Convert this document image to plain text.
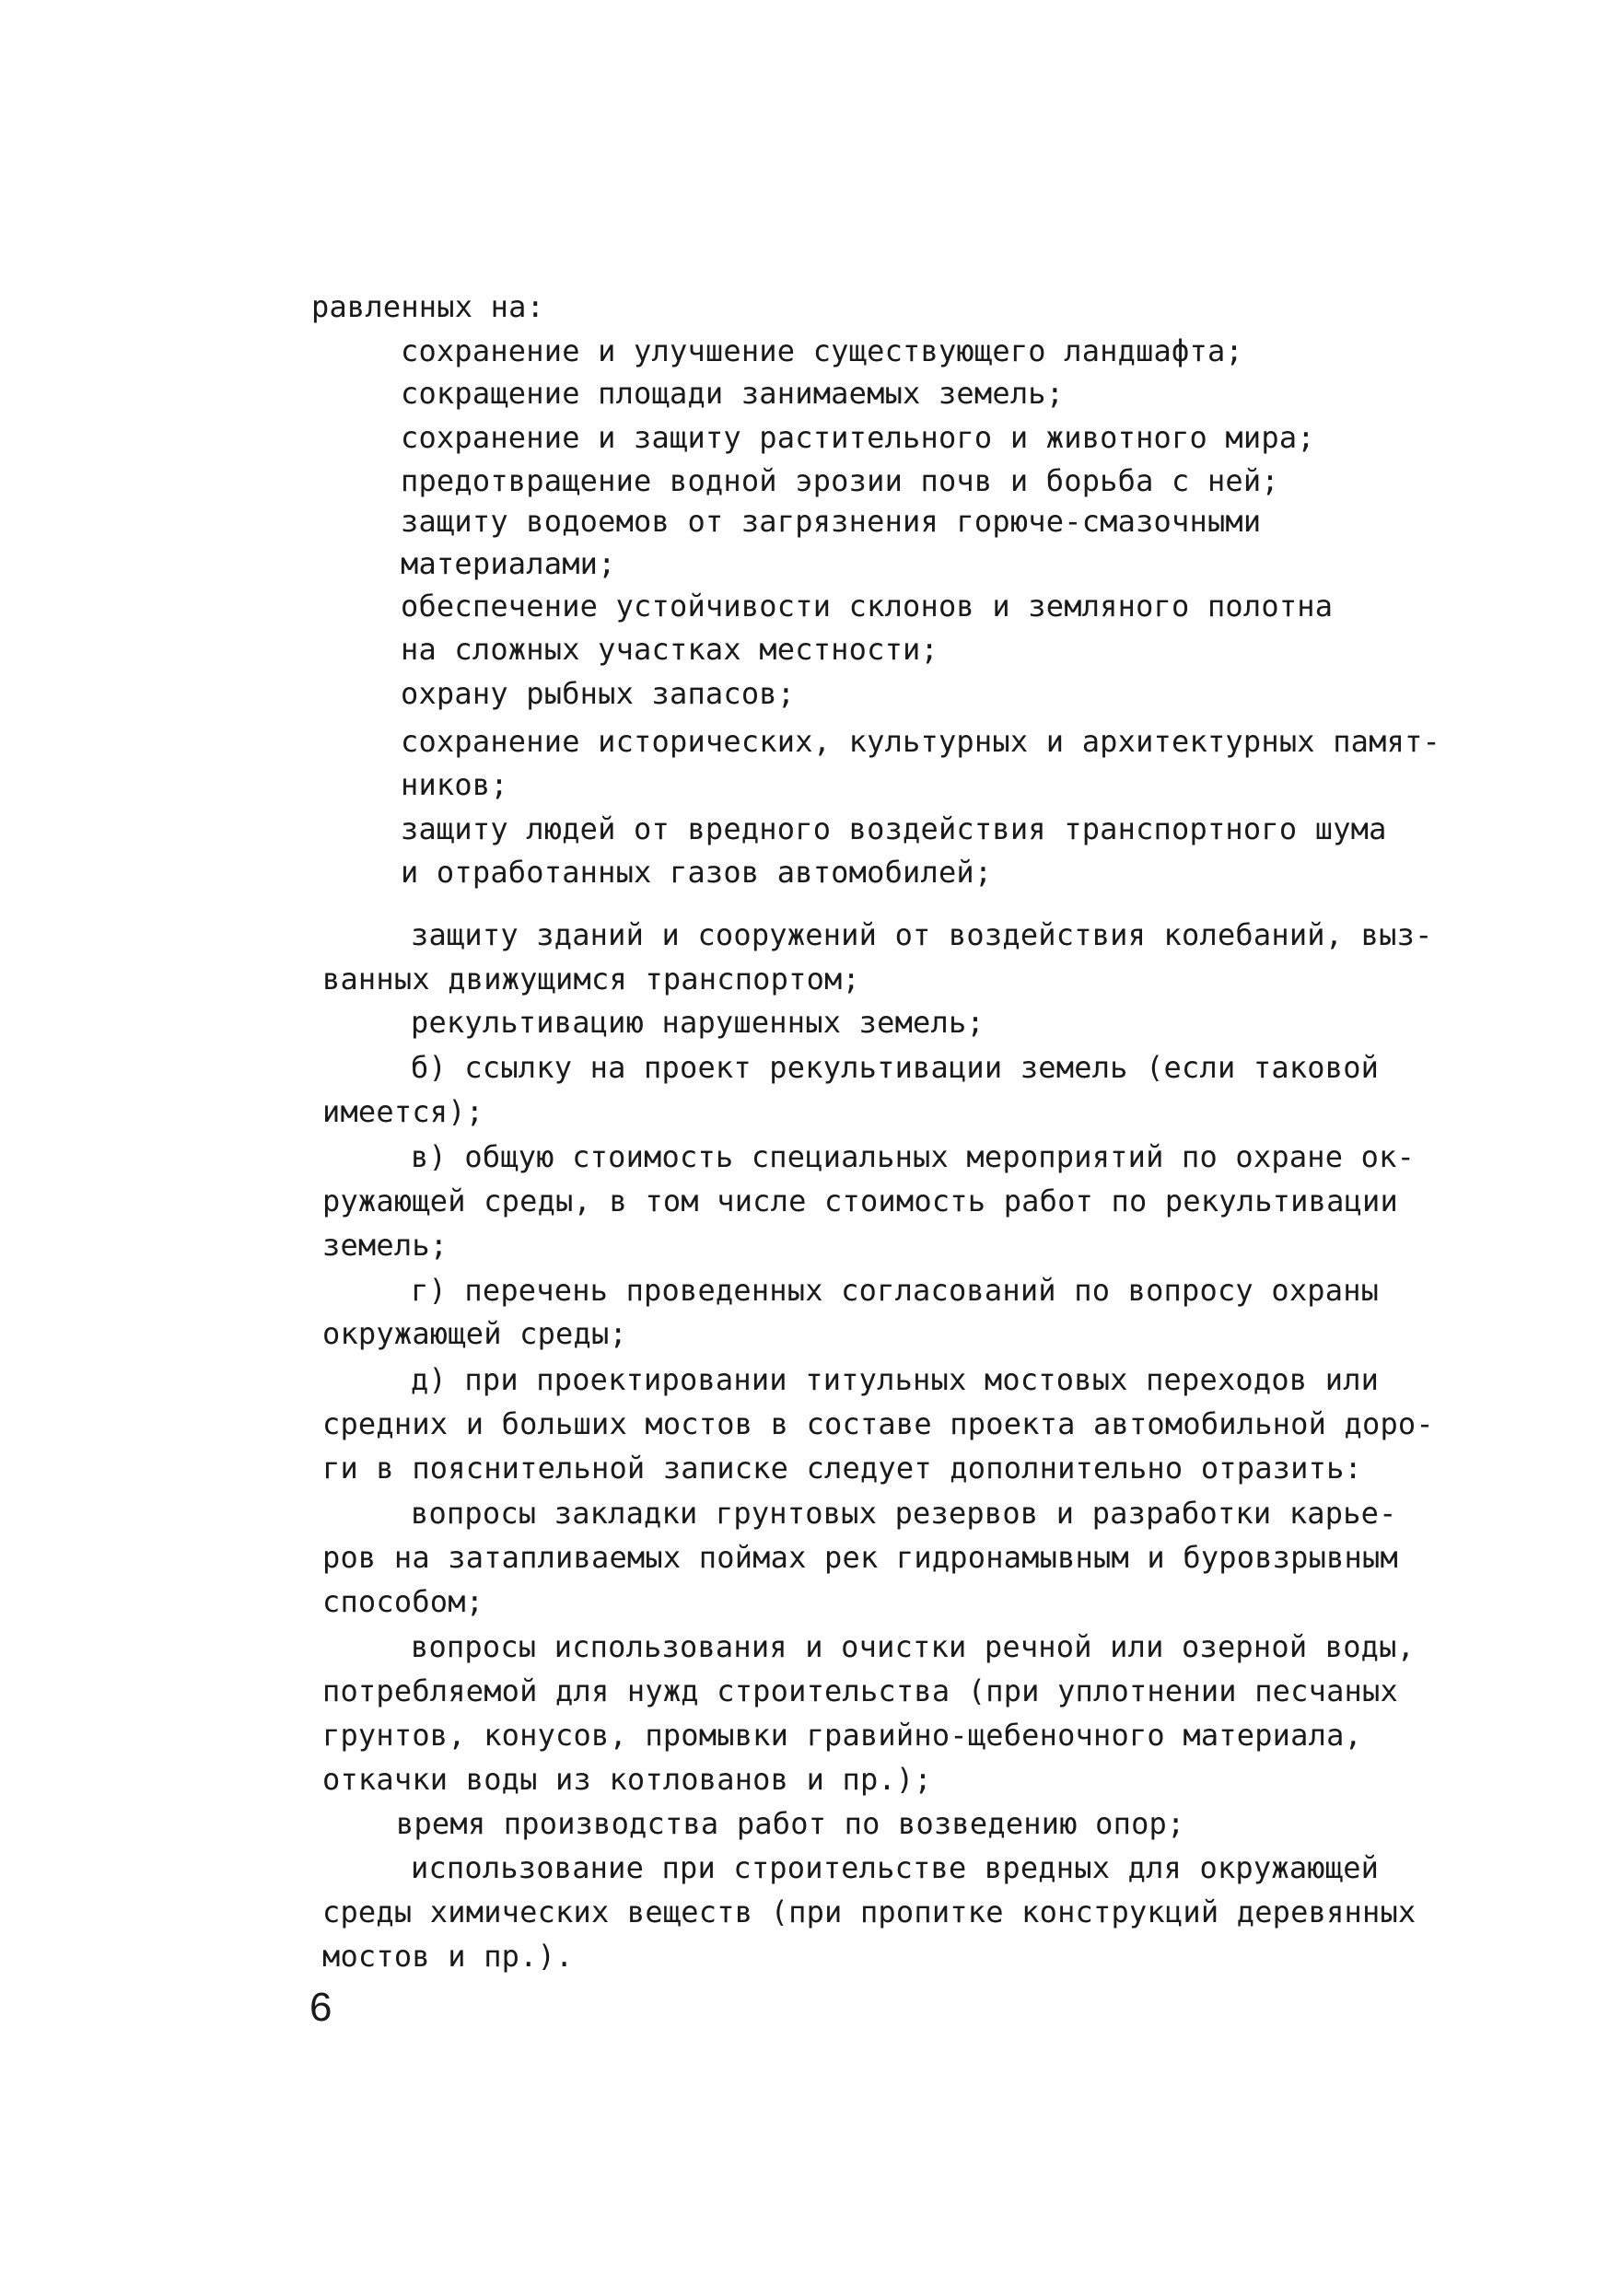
равленных на:
сохранение и улучшение существующего ландшафта;
сокращение площади занимаемых земель;
сохранение и защиту растительного и животного мира;
предотвращение водной эрозии почв и борьба с ней;
защиту водоемов от загрязнения горюче-смазочными
материалами;
обеспечение устойчивости склонов и земляного полотна
на сложных участках местности;
охрану рыбных запасов;
сохранение исторических, культурных и архитектурных памят-
ников;
защиту людей от вредного воздействия транспортного шума
и отработанных газов автомобилей;
защиту зданий и сооружений от воздействия колебаний, выз-
ванных движущимся транспортом;
рекультивацию нарушенных земель;
б) ссылку на проект рекультивации земель (если таковой
имеется);
в) общую стоимость специальных мероприятий по охране ок-
ружающей среды, в том числе стоимость работ по рекультивации
земель;
г) перечень проведенных согласований по вопросу охраны
окружающей среды;
д) при проектировании титульных мостовых переходов или
средних и больших мостов в составе проекта автомобильной доро-
ги в пояснительной записке следует дополнительно отразить:
вопросы закладки грунтовых резервов и разработки карье-
ров на затапливаемых поймах рек гидронамывным и буровзрывным
способом;
вопросы использования и очистки речной или озерной воды,
потребляемой для нужд строительства (при уплотнении песчаных
грунтов, конусов, промывки гравийно-щебеночного материала,
откачки воды из котлованов и пр.);
время производства работ по возведению опор;
использование при строительстве вредных для окружающей
среды химических веществ (при пропитке конструкций деревянных
мостов и пр.).
6
